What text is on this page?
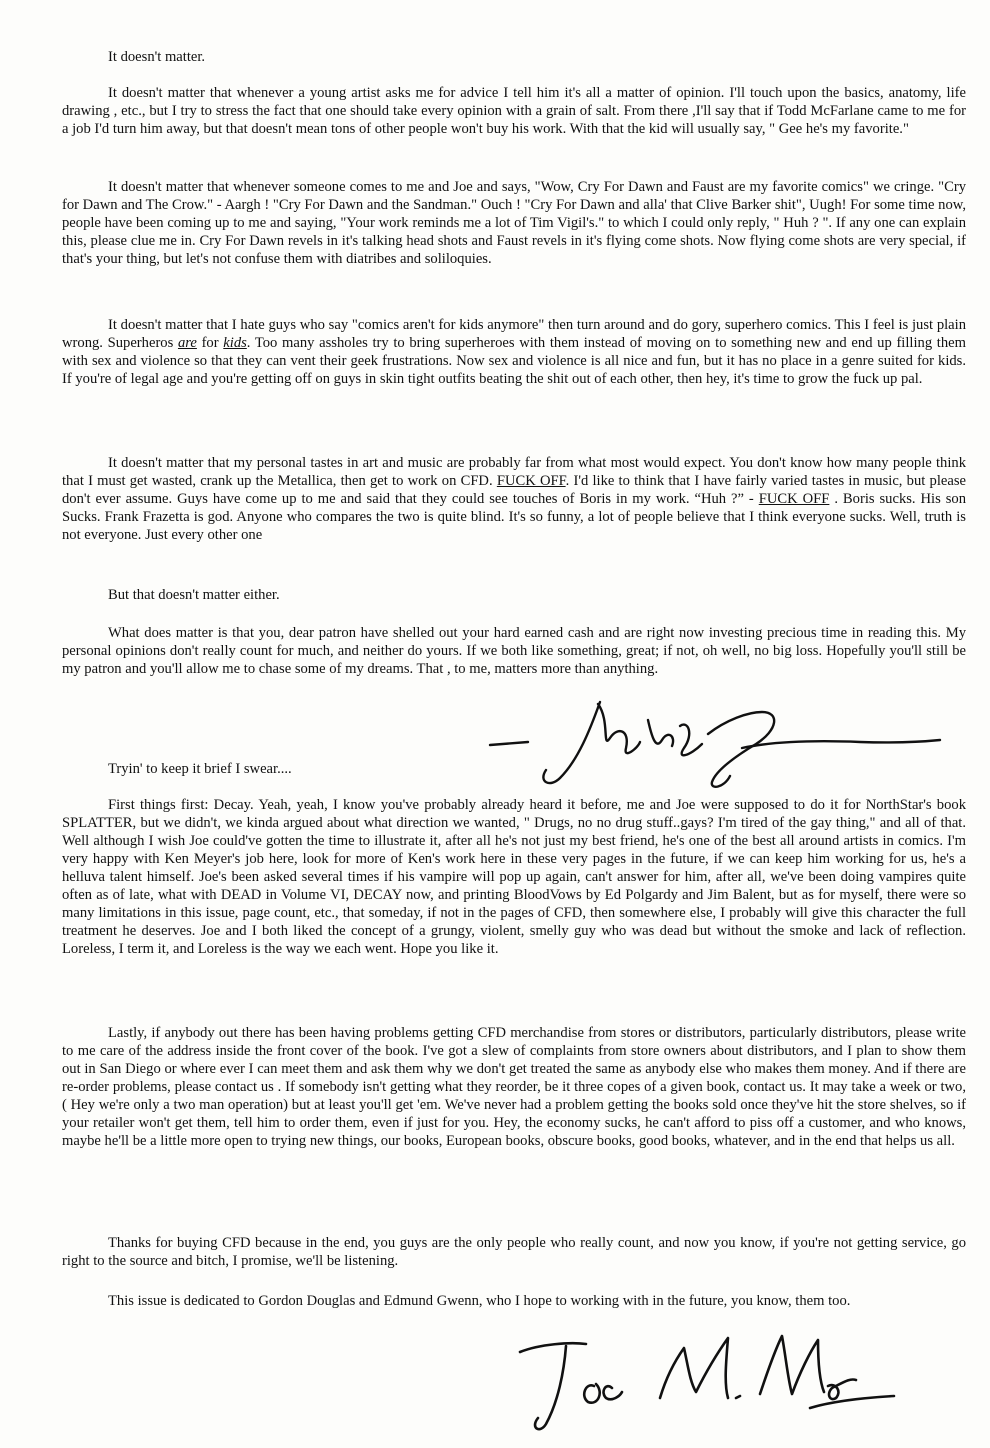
It doesn't matter.

It doesn't matter that whenever a young artist asks me for advice I tell him it's all a matter of opinion. I'll touch upon the basics, anatomy, life drawing , etc., but I try to stress the fact that one should take every opinion with a grain of salt. From there ,I'll say that if Todd McFarlane came to me for a job I'd turn him away, but that doesn't mean tons of other people won't buy his work. With that the kid will usually say, " Gee he's my favorite."

It doesn't matter that whenever someone comes to me and Joe and says, "Wow, Cry For Dawn and Faust are my favorite comics" we cringe. "Cry for Dawn and The Crow." - Aargh ! "Cry For Dawn and the Sandman." Ouch ! "Cry For Dawn and alla' that Clive Barker shit", Uugh! For some time now, people have been coming up to me and saying, "Your work reminds me a lot of Tim Vigil's." to which I could only reply, " Huh ? ". If any one can explain this, please clue me in. Cry For Dawn revels in it's talking head shots and Faust revels in it's flying come shots. Now flying come shots are very special, if that's your thing, but let's not confuse them with diatribes and soliloquies.

It doesn't matter that I hate guys who say "comics aren't for kids anymore" then turn around and do gory, superhero comics. This I feel is just plain wrong. Superheros are for kids. Too many assholes try to bring superheroes with them instead of moving on to something new and end up filling them with sex and violence so that they can vent their geek frustrations. Now sex and violence is all nice and fun, but it has no place in a genre suited for kids. If you're of legal age and you're getting off on guys in skin tight outfits beating the shit out of each other, then hey, it's time to grow the fuck up pal.

It doesn't matter that my personal tastes in art and music are probably far from what most would expect. You don't know how many people think that I must get wasted, crank up the Metallica, then get to work on CFD. FUCK OFF. I'd like to think that I have fairly varied tastes in music, but please don't ever assume. Guys have come up to me and said that they could see touches of Boris in my work. “Huh ?” - FUCK OFF . Boris sucks. His son Sucks. Frank Frazetta is god. Anyone who compares the two is quite blind. It's so funny, a lot of people believe that I think everyone sucks. Well, truth is not everyone. Just every other one

But that doesn't matter either.

What does matter is that you, dear patron have shelled out your hard earned cash and are right now investing precious time in reading this. My personal opinions don't really count for much, and neither do yours. If we both like something, great; if not, oh well, no big loss. Hopefully you'll still be my patron and you'll allow me to chase some of my dreams. That , to me, matters more than anything.

Tryin' to keep it brief I swear....

First things first: Decay. Yeah, yeah, I know you've probably already heard it before, me and Joe were supposed to do it for NorthStar's book SPLATTER, but we didn't, we kinda argued about what direction we wanted, " Drugs, no no drug stuff..gays? I'm tired of the gay thing," and all of that. Well although I wish Joe could've gotten the time to illustrate it, after all he's not just my best friend, he's one of the best all around artists in comics. I'm very happy with Ken Meyer's job here, look for more of Ken's work here in these very pages in the future, if we can keep him working for us, he's a helluva talent himself. Joe's been asked several times if his vampire will pop up again, can't answer for him, after all, we've been doing vampires quite often as of late, what with DEAD in Volume VI, DECAY now, and printing BloodVows by Ed Polgardy and Jim Balent, but as for myself, there were so many limitations in this issue, page count, etc., that someday, if not in the pages of CFD, then somewhere else, I probably will give this character the full treatment he deserves. Joe and I both liked the concept of a grungy, violent, smelly guy who was dead but without the smoke and lack of reflection. Loreless, I term it, and Loreless is the way we each went. Hope you like it.

Lastly, if anybody out there has been having problems getting CFD merchandise from stores or distributors, particularly distributors, please write to me care of the address inside the front cover of the book. I've got a slew of complaints from store owners about distributors, and I plan to show them out in San Diego or where ever I can meet them and ask them why we don't get treated the same as anybody else who makes them money. And if there are re-order problems, please contact us . If somebody isn't getting what they reorder, be it three copes of a given book, contact us. It may take a week or two, ( Hey we're only a two man operation) but at least you'll get 'em. We've never had a problem getting the books sold once they've hit the store shelves, so if your retailer won't get them, tell him to order them, even if just for you. Hey, the economy sucks, he can't afford to piss off a customer, and who knows, maybe he'll be a little more open to trying new things, our books, European books, obscure books, good books, whatever, and in the end that helps us all.

Thanks for buying CFD because in the end, you guys are the only people who really count, and now you know, if you're not getting service, go right to the source and bitch, I promise, we'll be listening.

This issue is dedicated to Gordon Douglas and Edmund Gwenn, who I hope to working with in the future, you know, them too.
